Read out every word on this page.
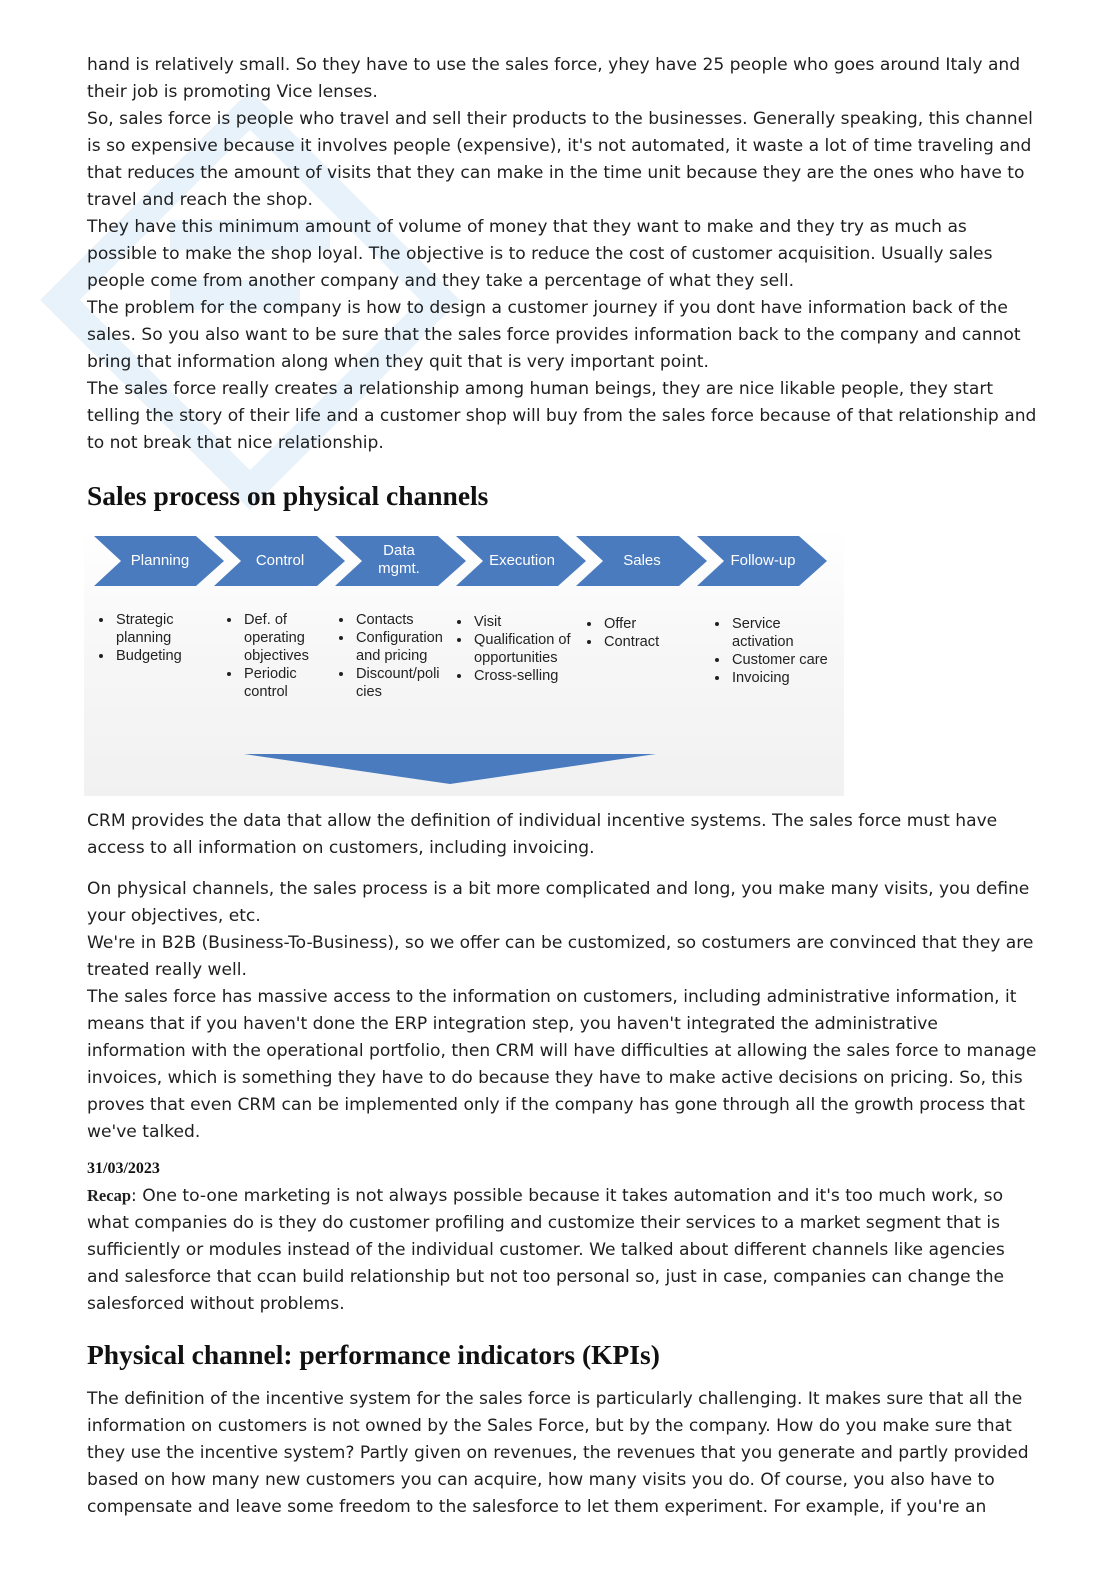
hand is relatively small. So they have to use the sales force, yhey have 25 people who goes around Italy and their job is promoting Vice lenses.

So, sales force is people who travel and sell their products to the businesses. Generally speaking, this channel is so expensive because it involves people (expensive), it's not automated, it waste a lot of time traveling and that reduces the amount of visits that they can make in the time unit because they are the ones who have to travel and reach the shop.

They have this minimum amount of volume of money that they want to make and they try as much as possible to make the shop loyal. The objective is to reduce the cost of customer acquisition. Usually sales people come from another company and they take a percentage of what they sell.

The problem for the company is how to design a customer journey if you dont have information back of the sales. So you also want to be sure that the sales force provides information back to the company and cannot bring that information along when they quit that is very important point.

The sales force really creates a relationship among human beings, they are nice likable people, they start telling the story of their life and a customer shop will buy from the sales force because of that relationship and to not break that nice relationship.

Sales process on physical channels
Planning	Control
Data mgmt.	Execution	Sales	Follow-up
• Strategic planning
• Budgeting
• Def. of operating objectives
• Periodic control
• Contacts
• Configuration and pricing
• Discount/poli cies
• Visit
• Qualification of opportunities
• Cross-selling
• Offer
• Contract
• Service activation
• Customer care
• Invoicing

CRM provides the data that allow the definition of individual incentive systems. The sales force must have access to all information on customers, including invoicing.

On physical channels, the sales process is a bit more complicated and long, you make many visits, you define your objectives, etc.

We're in B2B (Business-To-Business), so we offer can be customized, so costumers are convinced that they are treated really well.

The sales force has massive access to the information on customers, including administrative information, it means that if you haven't done the ERP integration step, you haven't integrated the administrative information with the operational portfolio, then CRM will have difficulties at allowing the sales force to manage invoices, which is something they have to do because they have to make active decisions on pricing. So, this proves that even CRM can be implemented only if the company has gone through all the growth process that we've talked.

31/03/2023

Recap: One to-one marketing is not always possible because it takes automation and it's too much work, so what companies do is they do customer profiling and customize their services to a market segment that is sufficiently or modules instead of the individual customer. We talked about different channels like agencies and salesforce that ccan build relationship but not too personal so, just in case, companies can change the salesforced without problems.

Physical channel: performance indicators (KPIs)

The definition of the incentive system for the sales force is particularly challenging. It makes sure that all the information on customers is not owned by the Sales Force, but by the company. How do you make sure that they use the incentive system? Partly given on revenues, the revenues that you generate and partly provided based on how many new customers you can acquire, how many visits you do. Of course, you also have to compensate and leave some freedom to the salesforce to let them experiment. For example, if you're an
